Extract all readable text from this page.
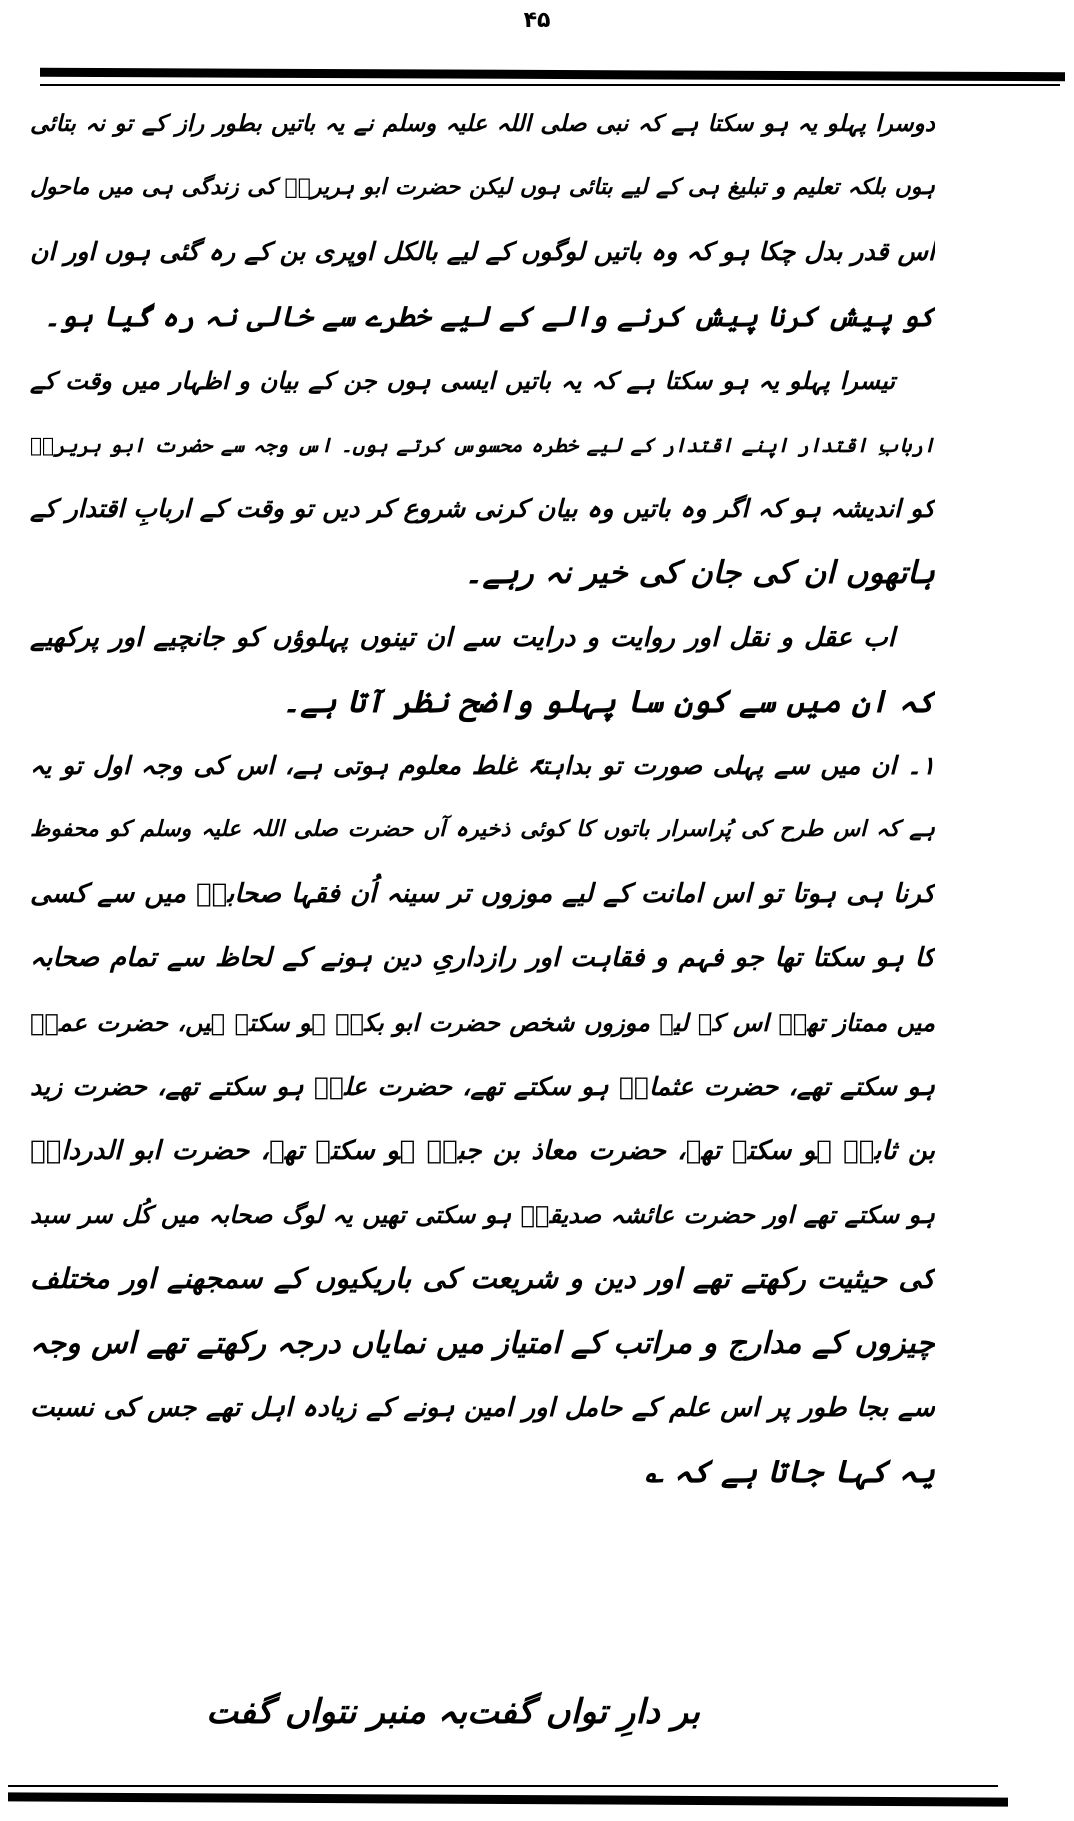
۴۵
دوسرا پہلو یہ ہو سکتا ہے کہ نبی صلی اللہ علیہ وسلم نے یہ باتیں بطور راز کے تو نہ بتائی
ہوں بلکہ تعلیم و تبلیغ ہی کے لیے بتائی ہوں لیکن حضرت ابو ہریرہؓ کی زندگی ہی میں ماحول
اس قدر بدل چکا ہو کہ وہ باتیں لوگوں کے لیے بالکل اوپری بن کے رہ گئی ہوں اور ان
کو پیش کرنا پیش کرنے والے کے لیے خطرے سے خالی نہ رہ گیا ہو۔
تیسرا پہلو یہ ہو سکتا ہے کہ یہ باتیں ایسی ہوں جن کے بیان و اظہار میں وقت کے
اربابِ اقتدار اپنے اقتدار کے لیے خطرہ محسوس کرتے ہوں۔ اس وجہ سے حضرت ابو ہریرہؓ
کو اندیشہ ہو کہ اگر وہ باتیں وہ بیان کرنی شروع کر دیں تو وقت کے اربابِ اقتدار کے
ہاتھوں ان کی جان کی خیر نہ رہے۔
اب عقل و نقل اور روایت و درایت سے ان تینوں پہلوؤں کو جانچیے اور پرکھیے
کہ ان میں سے کون سا پہلو واضح نظر آتا ہے۔
۱۔ ان میں سے پہلی صورت تو بداہتہً غلط معلوم ہوتی ہے، اس کی وجہ اول تو یہ
ہے کہ اس طرح کی پُراسرار باتوں کا کوئی ذخیرہ آں حضرت صلی اللہ علیہ وسلم کو محفوظ
کرنا ہی ہوتا تو اس امانت کے لیے موزوں تر سینہ اُن فقہا صحابہؓ میں سے کسی
کا ہو سکتا تھا جو فہم و فقاہت اور رازداریِ دین ہونے کے لحاظ سے تمام صحابہ
میں ممتاز تھے۔ اس کے لیے موزوں شخص حضرت ابو بکرؓ ہو سکتے ہیں، حضرت عمرؓ
ہو سکتے تھے، حضرت عثمانؓ ہو سکتے تھے، حضرت علیؓ ہو سکتے تھے، حضرت زید
بن ثابتؓ ہو سکتے تھے، حضرت معاذ بن جبلؓ ہو سکتے تھے، حضرت ابو الدرداءؓ
ہو سکتے تھے اور حضرت عائشہ صدیقہؓ ہو سکتی تھیں یہ لوگ صحابہ میں کُل سر سبد
کی حیثیت رکھتے تھے اور دین و شریعت کی باریکیوں کے سمجھنے اور مختلف
چیزوں کے مدارج و مراتب کے امتیاز میں نمایاں درجہ رکھتے تھے اس وجہ
سے بجا طور پر اس علم کے حامل اور امین ہونے کے زیادہ اہل تھے جس کی نسبت
یہ کہا جاتا ہے کہ ؎
بر دارِ تواں گفت
بہ منبر نتواں گفت
